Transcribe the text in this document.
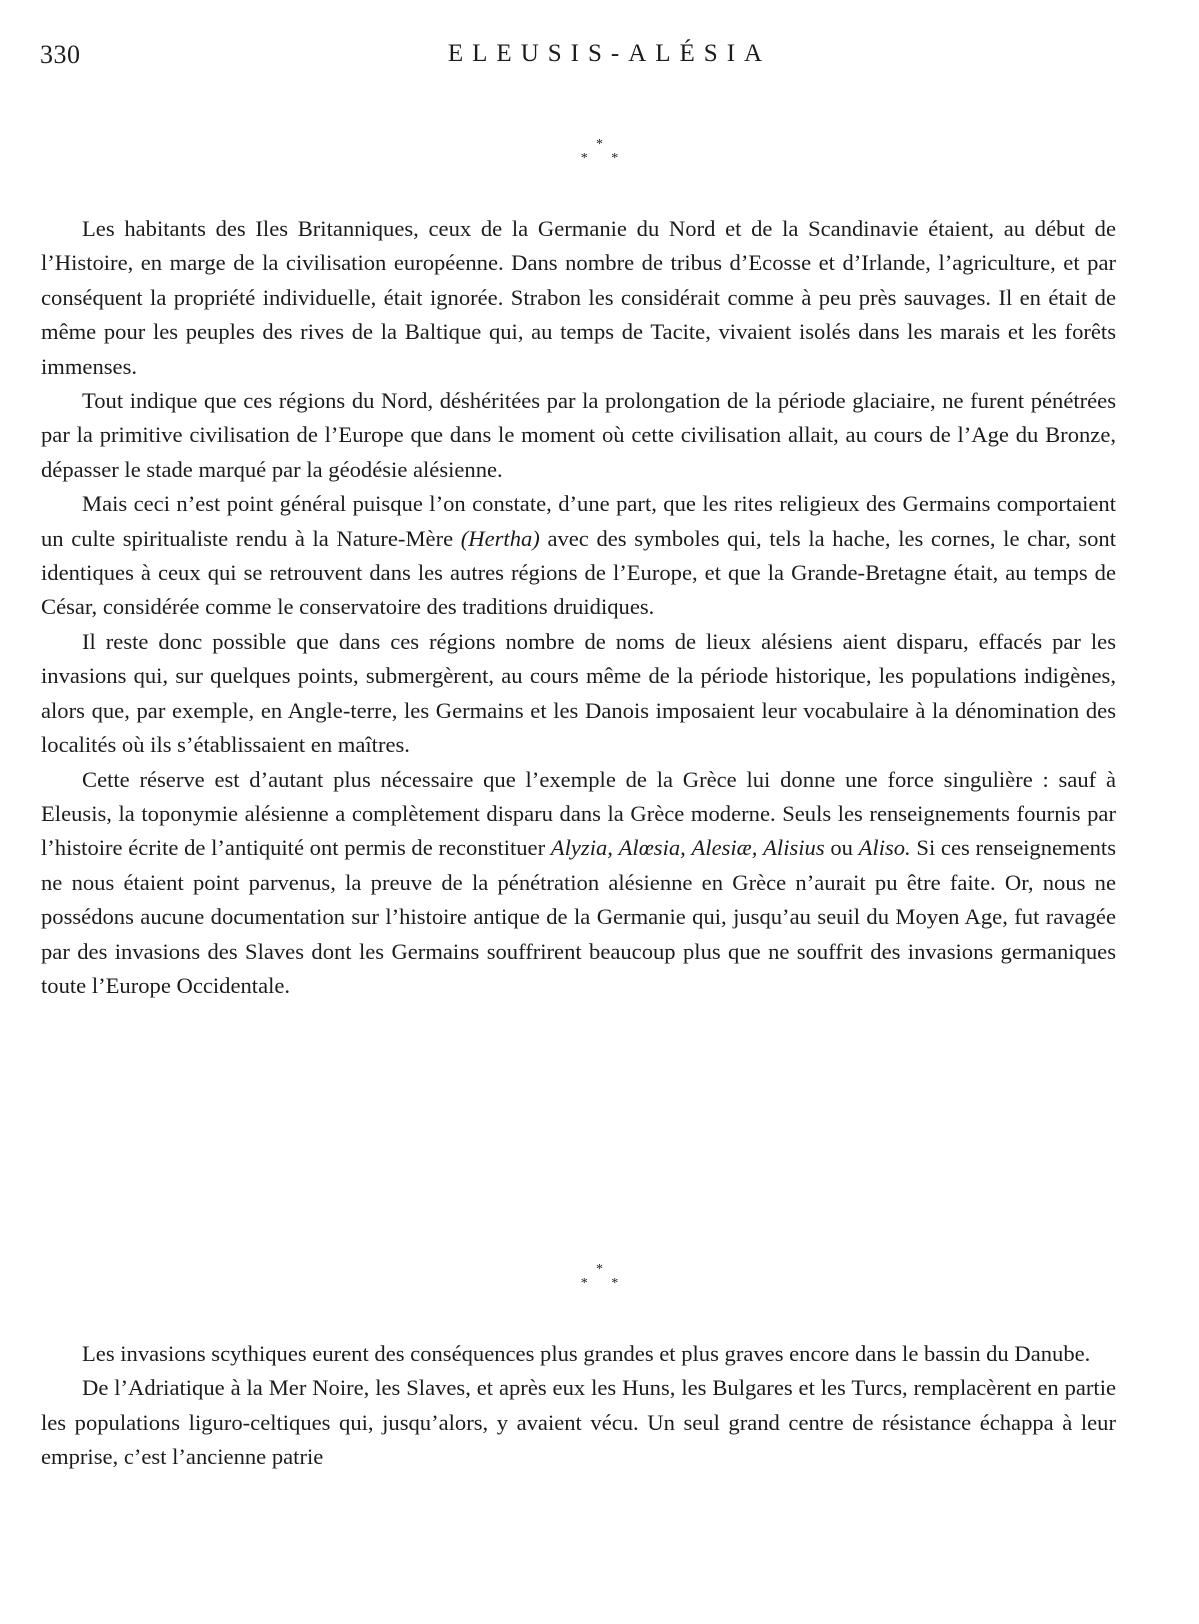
330	ELEUSIS-ALÉSIA
*
* *

Les habitants des Iles Britanniques, ceux de la Germanie du Nord et de la Scandinavie étaient, au début de l’Histoire, en marge de la civilisation européenne. Dans nombre de tribus d’Ecosse et d’Irlande, l’agriculture, et par conséquent la propriété individuelle, était ignorée. Strabon les considérait comme à peu près sauvages. Il en était de même pour les peuples des rives de la Baltique qui, au temps de Tacite, vivaient isolés dans les marais et les forêts immenses.

Tout indique que ces régions du Nord, déshéritées par la prolongation de la période glaciaire, ne furent pénétrées par la primitive civilisation de l’Europe que dans le moment où cette civilisation allait, au cours de l’Age du Bronze, dépasser le stade marqué par la géodésie alésienne.

Mais ceci n’est point général puisque l’on constate, d’une part, que les rites religieux des Germains comportaient un culte spiritualiste rendu à la Nature-Mère (Hertha) avec des symboles qui, tels la hache, les cornes, le char, sont identiques à ceux qui se retrouvent dans les autres régions de l’Europe, et que la Grande-Bretagne était, au temps de César, considérée comme le conservatoire des traditions druidiques.

Il reste donc possible que dans ces régions nombre de noms de lieux alésiens aient disparu, effacés par les invasions qui, sur quelques points, submergèrent, au cours même de la période historique, les populations indigènes, alors que, par exemple, en Angle-terre, les Germains et les Danois imposaient leur vocabulaire à la dénomination des localités où ils s’établissaient en maîtres.

Cette réserve est d’autant plus nécessaire que l’exemple de la Grèce lui donne une force singulière : sauf à Eleusis, la toponymie alésienne a complètement disparu dans la Grèce moderne. Seuls les renseignements fournis par l’histoire écrite de l’antiquité ont permis de reconstituer Alyzia, Alœsia, Alesiæ, Alisius ou Aliso. Si ces renseignements ne nous étaient point parvenus, la preuve de la pénétration alésienne en Grèce n’aurait pu être faite. Or, nous ne possédons aucune documentation sur l’histoire antique de la Germanie qui, jusqu’au seuil du Moyen Age, fut ravagée par des invasions des Slaves dont les Germains souffrirent beaucoup plus que ne souffrit des invasions germaniques toute l’Europe Occidentale.

*
* *

Les invasions scythiques eurent des conséquences plus grandes et plus graves encore dans le bassin du Danube.

De l’Adriatique à la Mer Noire, les Slaves, et après eux les Huns, les Bulgares et les Turcs, remplacèrent en partie les populations liguro-celtiques qui, jusqu’alors, y avaient vécu. Un seul grand centre de résistance échappa à leur emprise, c’est l’ancienne patrie
